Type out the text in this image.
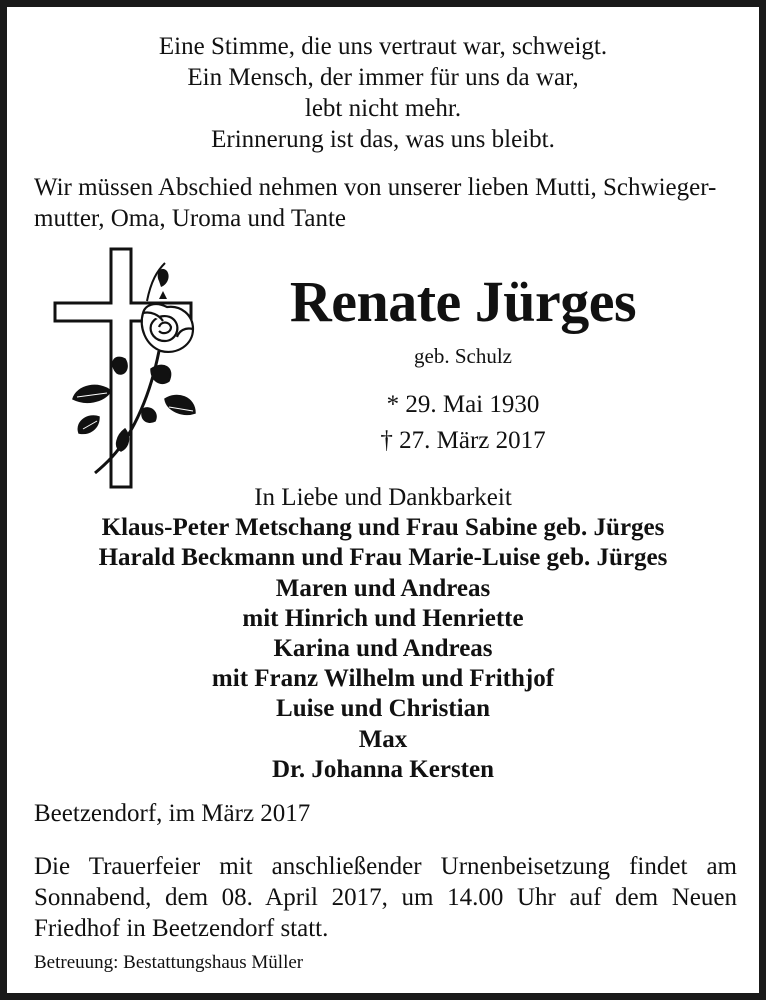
Eine Stimme, die uns vertraut war, schweigt.
Ein Mensch, der immer für uns da war,
lebt nicht mehr.
Erinnerung ist das, was uns bleibt.
Wir müssen Abschied nehmen von unserer lieben Mutti, Schwieger-
mutter, Oma, Uroma und Tante
Renate Jürges
geb. Schulz
* 29. Mai 1930
† 27. März 2017
In Liebe und Dankbarkeit
Klaus-Peter Metschang und Frau Sabine geb. Jürges
Harald Beckmann und Frau Marie-Luise geb. Jürges
Maren und Andreas
mit Hinrich und Henriette
Karina und Andreas
mit Franz Wilhelm und Frithjof
Luise und Christian
Max
Dr. Johanna Kersten
Beetzendorf, im März 2017
Die Trauerfeier mit anschließender Urnenbeisetzung findet am
Sonnabend, dem 08. April 2017, um 14.00 Uhr auf dem Neuen
Friedhof in Beetzendorf statt.
Betreuung: Bestattungshaus Müller
